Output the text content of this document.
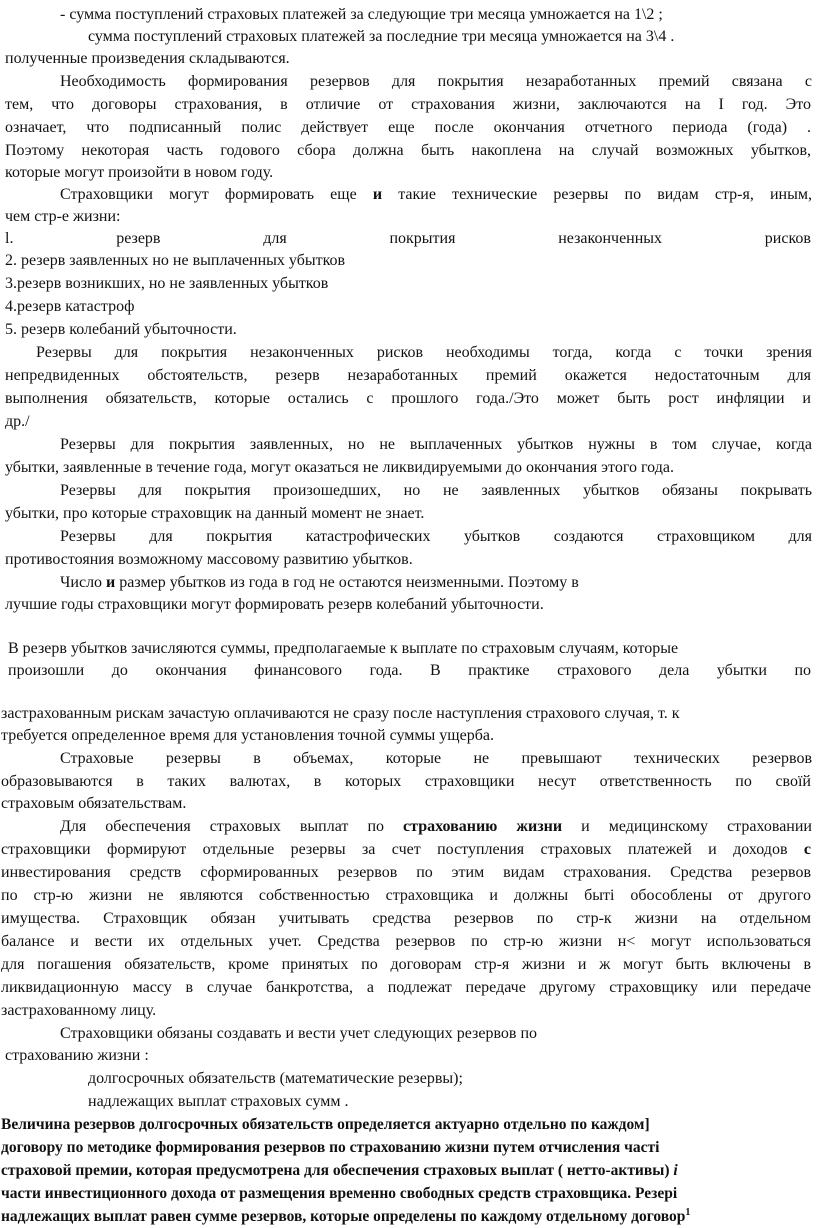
- сумма поступлений страховых платежей за следующие три месяца умножается на 1\2 ;

сумма поступлений страховых платежей за последние три месяца умножается на 3\4 .

полученные произведения складываются.

Необходимость формирования резервов для покрытия незаработанных премий связана с

тем, что договоры страхования, в отличие от страхования жизни, заключаются на I год. Это

означает, что подписанный полис действует еще после окончания отчетного периода (года) .

Поэтому некоторая часть годового сбора должна быть накоплена на случай возможных убытков,

которые могут произойти в новом году.

Страховщики могут формировать еще и такие технические резервы по видам стр-я, иным,

чем стр-е жизни:

l.	резерв	для	покрытия	незаконченных	рисков

2. резерв заявленных но не выплаченных убытков

3.резерв возникших, но не заявленных убытков

4.резерв катастроф

5. резерв колебаний убыточности.

Резервы для покрытия незаконченных рисков необходимы тогда, когда с точки зрения

непредвиденных обстоятельств, резерв незаработанных премий окажется недостаточным для

выполнения обязательств, которые остались с прошлого года./Это может быть рост инфляции и

др./

Резервы для покрытия заявленных, но не выплаченных убытков нужны в том случае, когда

убытки, заявленные в течение года, могут оказаться не ликвидируемыми до окончания этого года.

Резервы для покрытия произошедших, но не заявленных убытков обязаны покрывать

убытки, про которые страховщик на данный момент не знает.

Резервы для покрытия катастрофических убытков создаются страховщиком для

противостояния возможному массовому развитию убытков.

Число и размер убытков из года в год не остаются неизменными. Поэтому в

лучшие годы страховщики могут формировать резерв колебаний убыточности.

В резерв убытков зачисляются суммы, предполагаемые к выплате по страховым случаям, которые

произошли до окончания финансового года. В практике страхового дела убытки по

застрахованным рискам зачастую оплачиваются не сразу после наступления страхового случая, т. к

требуется определенное время для установления точной суммы ущерба.

Страховые резервы в объемах, которые не превышают технических резервов

образовываются в таких валютах, в которых страховщики несут ответственность по своїй

страховым обязательствам.

Для обеспечения страховых выплат по страхованию жизни и медицинскому страховании

страховщики формируют отдельные резервы за счет поступления страховых платежей и доходов с

инвестирования средств сформированных резервов по этим видам страхования. Средства резервов

по стр-ю жизни не являются собственностью страховщика и должны бытi обособлены от другого

имущества. Страховщик обязан учитывать средства резервов по стр-к жизни на отдельном

балансе и вести их отдельных учет. Средства резервов по стр-ю жизни н< могут использоваться

для погашения обязательств, кроме принятых по договорам стр-я жизни и ж могут быть включены в

ликвидационную массу в случае банкротства, а подлежат передаче другому страховщику или передаче

застрахованному лицу.

Страховщики обязаны создавать и вести учет следующих резервов по

страхованию жизни :

долгосрочных обязательств (математические резервы);

надлежащих выплат страховых сумм .

Величина резервов долгосрочных обязательств определяется актуарно отдельно по каждом]

договору по методике формирования резервов по страхованию жизни путем отчисления частi

страховой премии, которая предусмотрена для обеспечения страховых выплат ( нетто-активы) i

части инвестиционного дохода от размещения временно свободных средств страховщика. Резерi

надлежащих выплат равен сумме резервов, которые определены по каждому отдельному договор$^1$
